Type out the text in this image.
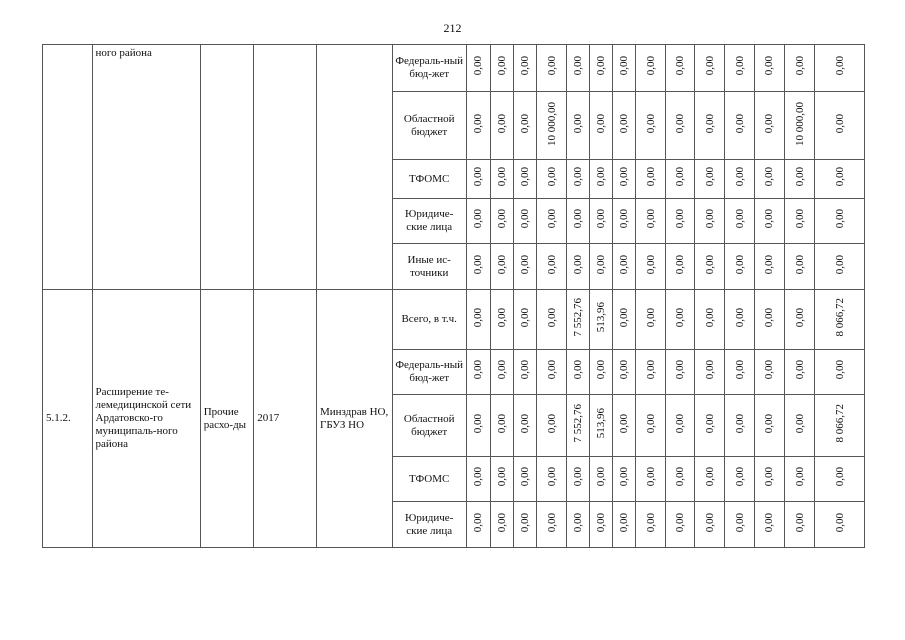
212
	ного района				Федераль-ный бюд-жет	0,00	0,00	0,00	0,00	0,00	0,00	0,00	0,00	0,00	0,00	0,00	0,00	0,00	0,00
					Областной бюджет	0,00	0,00	0,00	10 000,00	0,00	0,00	0,00	0,00	0,00	0,00	0,00	0,00	10 000,00	0,00
					ТФОМС	0,00	0,00	0,00	0,00	0,00	0,00	0,00	0,00	0,00	0,00	0,00	0,00	0,00	0,00
					Юридиче-ские лица	0,00	0,00	0,00	0,00	0,00	0,00	0,00	0,00	0,00	0,00	0,00	0,00	0,00	0,00
					Иные ис-точники	0,00	0,00	0,00	0,00	0,00	0,00	0,00	0,00	0,00	0,00	0,00	0,00	0,00	0,00
5.1.2.	Расширение те-лемедицинской сети Ардатовско-го муниципаль-ного района	Прочие расхо-ды	2017	Минздрав НО, ГБУЗ НО	Всего, в т.ч.	0,00	0,00	0,00	0,00	7 552,76	513,96	0,00	0,00	0,00	0,00	0,00	0,00	0,00	8 066,72
					Федераль-ный бюд-жет	0,00	0,00	0,00	0,00	0,00	0,00	0,00	0,00	0,00	0,00	0,00	0,00	0,00	0,00
					Областной бюджет	0,00	0,00	0,00	0,00	7 552,76	513,96	0,00	0,00	0,00	0,00	0,00	0,00	0,00	8 066,72
					ТФОМС	0,00	0,00	0,00	0,00	0,00	0,00	0,00	0,00	0,00	0,00	0,00	0,00	0,00	0,00
					Юридиче-ские лица	0,00	0,00	0,00	0,00	0,00	0,00	0,00	0,00	0,00	0,00	0,00	0,00	0,00	0,00
